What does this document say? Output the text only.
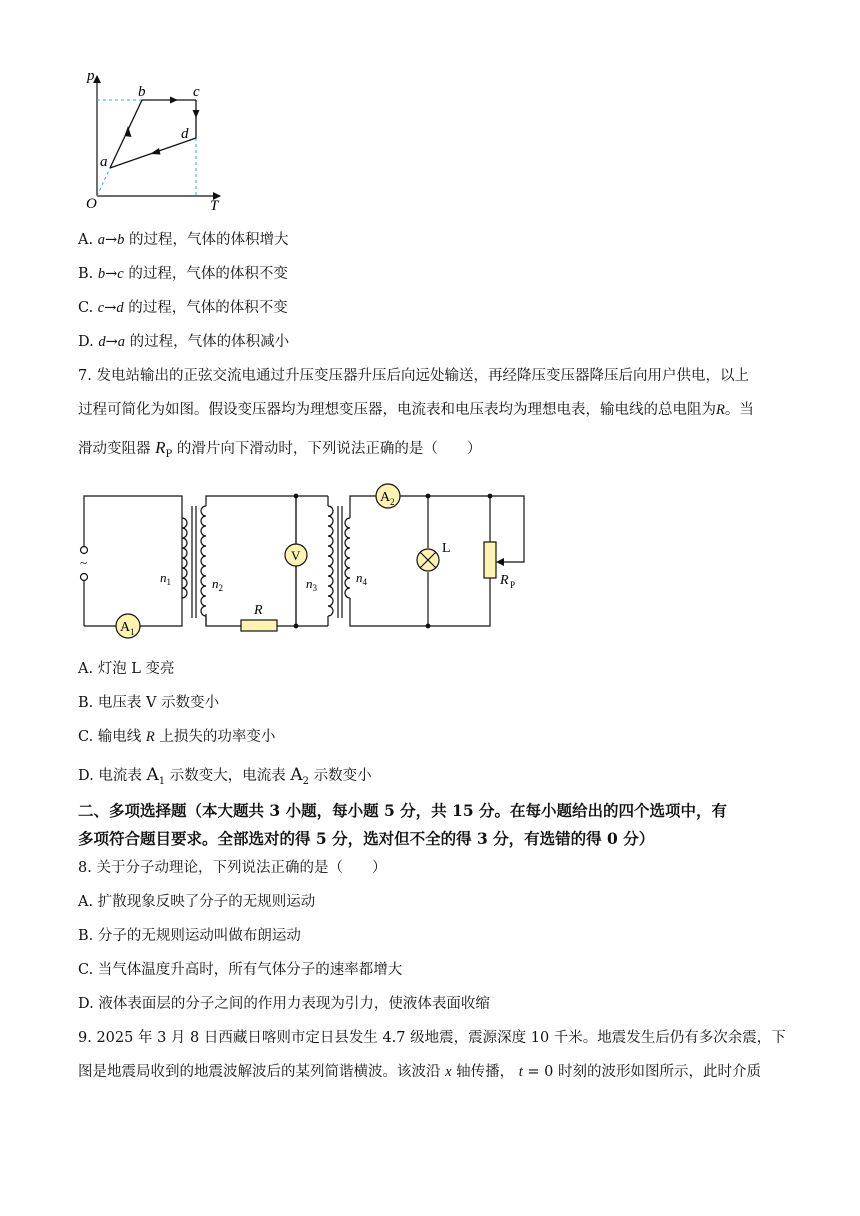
p
T
O
a
b	c
d
A. a→b 的过程，气体的体积增大
B. b→c 的过程，气体的体积不变
C. c→d 的过程，气体的体积不变
D. d→a 的过程，气体的体积减小
7. 发电站输出的正弦交流电通过升压变压器升压后向远处输送，再经降压变压器降压后向用户供电，以上
过程可简化为如图。假设变压器均为理想变压器，电流表和电压表均为理想电表，输电线的总电阻为R。当
滑动变阻器 $R_P$ 的滑片向下滑动时，下列说法正确的是（　　）
~
A 1
R
V
A 2
L
R P
$n_1$	$n_2$	$n_3$
$n_4$
A. 灯泡 L 变亮
B. 电压表 V 示数变小
C. 输电线 R 上损失的功率变小
D. 电流表 $A_1$ 示数变大，电流表 $A_2$ 示数变小
二、多项选择题（本大题共 3 小题，每小题 5 分，共 15 分。在每小题给出的四个选项中，有
多项符合题目要求。全部选对的得 5 分，选对但不全的得 3 分，有选错的得 0 分）
8. 关于分子动理论，下列说法正确的是（　　）
A. 扩散现象反映了分子的无规则运动
B. 分子的无规则运动叫做布朗运动
C. 当气体温度升高时，所有气体分子的速率都增大
D. 液体表面层的分子之间的作用力表现为引力，使液体表面收缩
9. 2025 年 3 月 8 日西藏日喀则市定日县发生 4.7 级地震，震源深度 10 千米。地震发生后仍有多次余震，下
图是地震局收到的地震波解波后的某列简谐横波。该波沿 x 轴传播， t = 0 时刻的波形如图所示，此时介质
